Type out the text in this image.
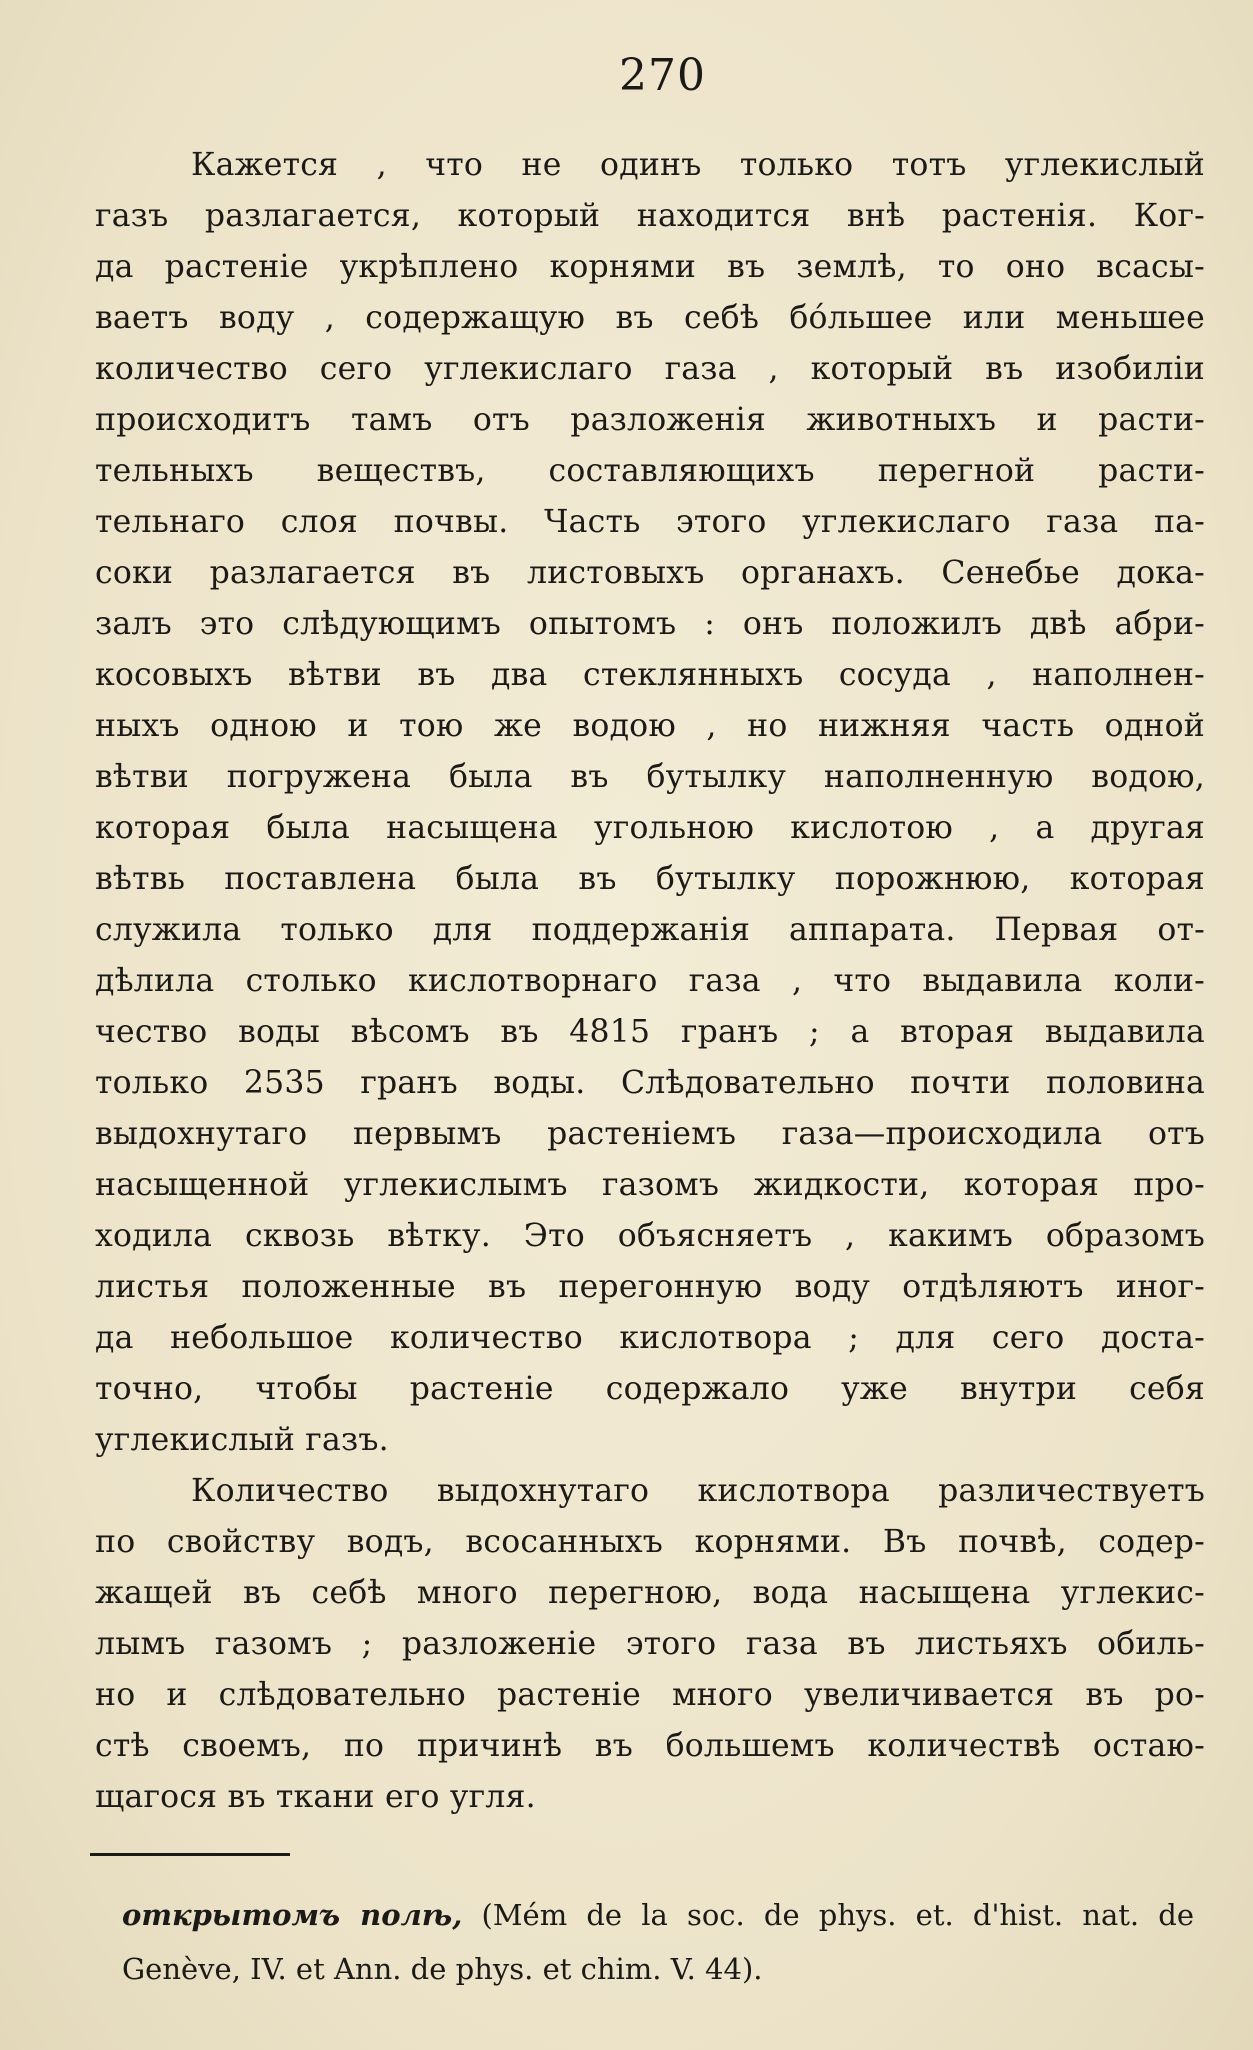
270
Кажется , что не одинъ только тотъ углекислый
газъ разлагается, который находится внѣ растенія. Ког-
да растеніе укрѣплено корнями въ землѣ, то оно всасы-
ваетъ воду , содержащую въ себѣ бо́льшее или меньшее
количество сего углекислаго газа , который въ изобиліи
происходитъ тамъ отъ разложенія животныхъ и расти-
тельныхъ веществъ, составляющихъ перегной расти-
тельнаго слоя почвы. Часть этого углекислаго газа па-
соки разлагается въ листовыхъ органахъ. Сенебье дока-
залъ это слѣдующимъ опытомъ : онъ положилъ двѣ абри-
косовыхъ вѣтви въ два стеклянныхъ сосуда , наполнен-
ныхъ одною и тою же водою , но нижняя часть одной
вѣтви погружена была въ бутылку наполненную водою,
которая была насыщена угольною кислотою , а другая
вѣтвь поставлена была въ бутылку порожнюю, которая
служила только для поддержанія аппарата. Первая от-
дѣлила столько кислотворнаго газа , что выдавила коли-
чество воды вѣсомъ въ 4815 гранъ ; а вторая выдавила
только 2535 гранъ воды. Слѣдовательно почти половина
выдохнутаго первымъ растеніемъ газа—происходила отъ
насыщенной углекислымъ газомъ жидкости, которая про-
ходила сквозь вѣтку. Это объясняетъ , какимъ образомъ
листья положенные въ перегонную воду отдѣляютъ иног-
да небольшое количество кислотвора ; для сего доста-
точно, чтобы растеніе содержало уже внутри себя
углекислый газъ.
Количество выдохнутаго кислотвора различествуетъ
по свойству водъ, всосанныхъ корнями. Въ почвѣ, содер-
жащей въ себѣ много перегною, вода насыщена углекис-
лымъ газомъ ; разложеніе этого газа въ листьяхъ обиль-
но и слѣдовательно растеніе много увеличивается въ ро-
стѣ своемъ, по причинѣ въ большемъ количествѣ остаю-
щагося въ ткани его угля.
открытомъ полѣ, (Mém de la soc. de phys. et. d'hist. nat. de
Genève, IV. et Ann. de phys. et chim. V. 44).
